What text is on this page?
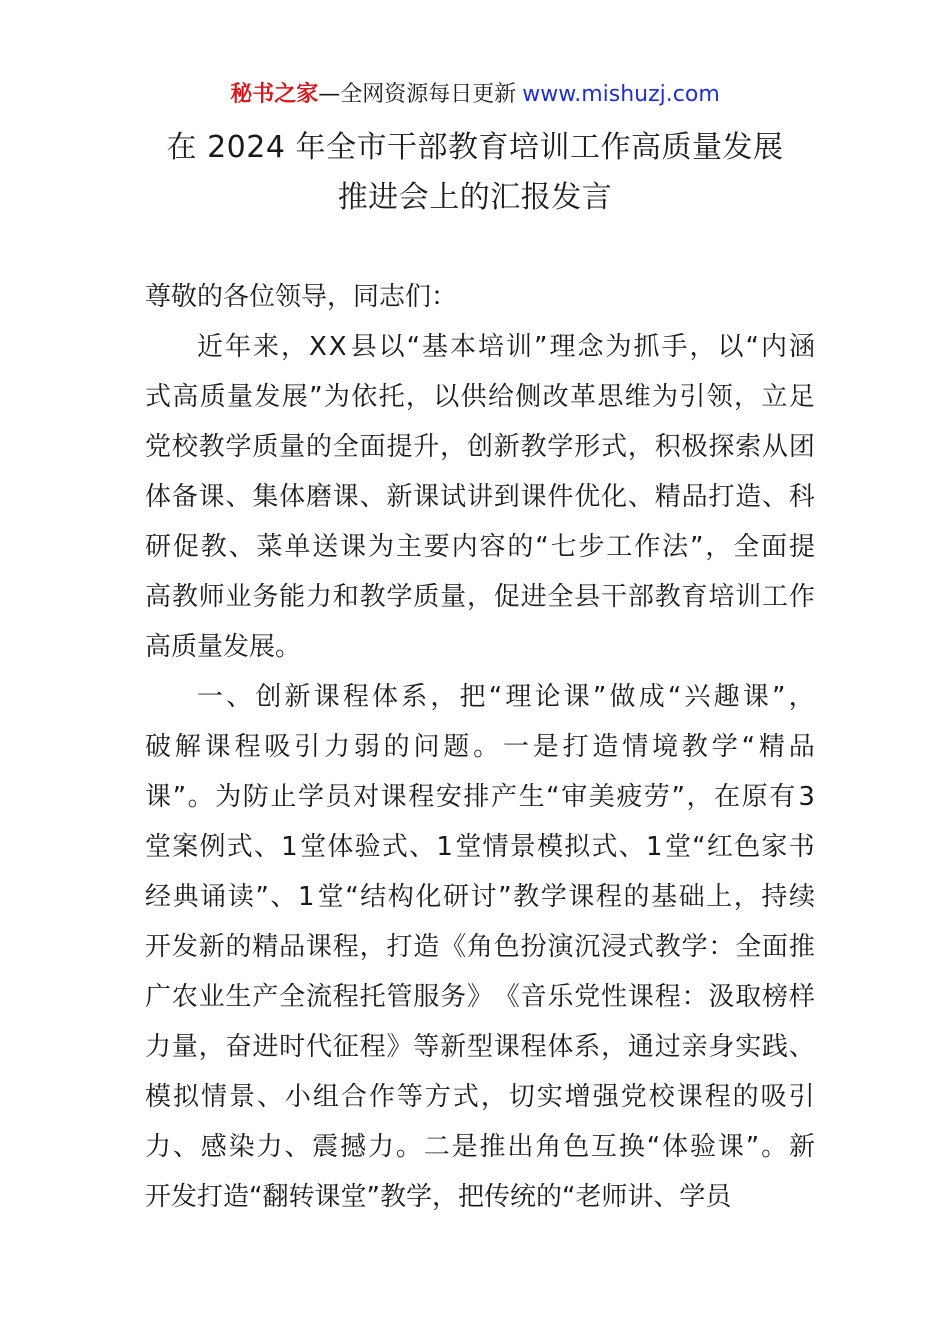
秘书之家—全网资源每日更新 www.mishuzj.com
在 2024 年全市干部教育培训工作高质量发展
推进会上的汇报发言
尊敬的各位领导，同志们：
近 年 来 ， X X 县 以 “ 基 本 培 训 ” 理 念 为 抓 手 ， 以 “ 内 涵
式 高 质 量 发 展 ” 为 依 托 ， 以 供 给 侧 改 革 思 维 为 引 领 ， 立 足
党 校 教 学 质 量 的 全 面 提 升 ， 创 新 教 学 形 式 ， 积 极 探 索 从 团
体 备 课 、 集 体 磨 课 、 新 课 试 讲 到 课 件 优 化 、 精 品 打 造 、 科
研 促 教 、 菜 单 送 课 为 主 要 内 容 的 “ 七 步 工 作 法 ” ， 全 面 提
高 教 师 业 务 能 力 和 教 学 质 量 ， 促 进 全 县 干 部 教 育 培 训 工 作
高质量发展。
一 、 创 新 课 程 体 系 ， 把 “ 理 论 课 ” 做 成 “ 兴 趣 课 ” ，
破 解 课 程 吸 引 力 弱 的 问 题 。 一 是 打 造 情 境 教 学 “ 精 品
课 ” 。 为 防 止 学 员 对 课 程 安 排 产 生 “ 审 美 疲 劳 ” ， 在 原 有 3
堂 案 例 式 、 1 堂 体 验 式 、 1 堂 情 景 模 拟 式 、 1 堂 “ 红 色 家 书
经 典 诵 读 ” 、 1 堂 “ 结 构 化 研 讨 ” 教 学 课 程 的 基 础 上 ， 持 续
开 发 新 的 精 品 课 程 ， 打 造 《 角 色 扮 演 沉 浸 式 教 学 ： 全 面 推
广 农 业 生 产 全 流 程 托 管 服 务 》 《 音 乐 党 性 课 程 ： 汲 取 榜 样
力 量 ， 奋 进 时 代 征 程 》 等 新 型 课 程 体 系 ， 通 过 亲 身 实 践 、
模 拟 情 景 、 小 组 合 作 等 方 式 ， 切 实 增 强 党 校 课 程 的 吸 引
力 、 感 染 力 、 震 撼 力 。 二 是 推 出 角 色 互 换 “ 体 验 课 ” 。 新
开发打造“翻转课堂”教学，把传统的“老师讲、学员
